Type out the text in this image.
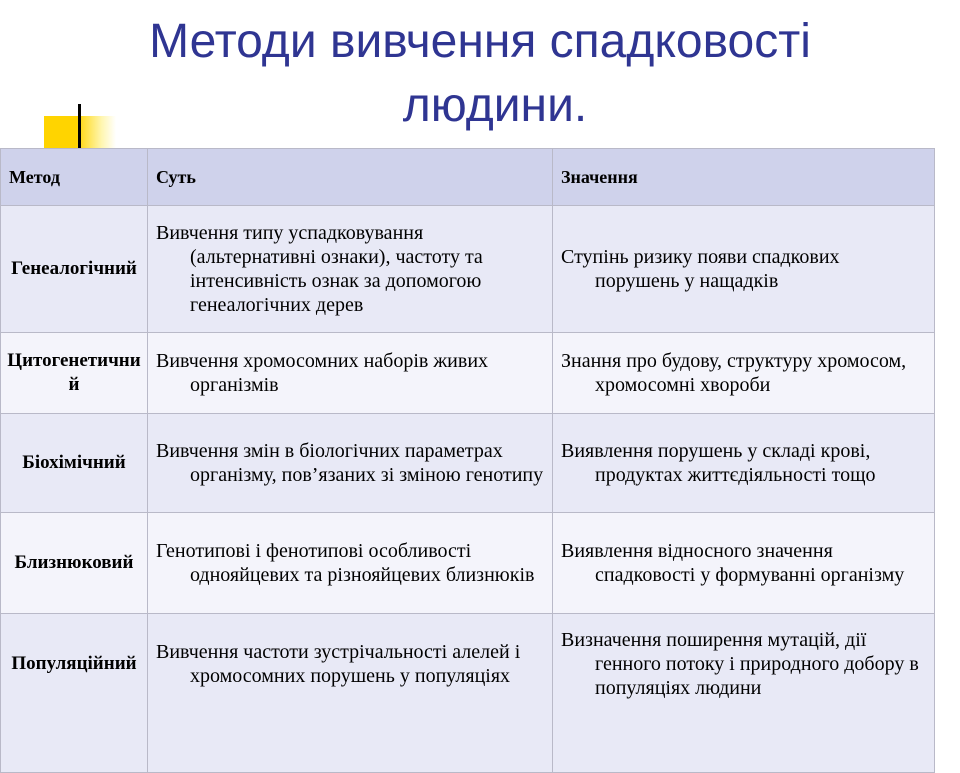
Методи вивчення спадковості
людини.
Метод	Суть	Значення
Генеалогічний	Вивчення типу успадковування (альтернативні ознаки), частоту та інтенсивність ознак за допомогою генеалогічних дерев	Ступінь ризику появи спадкових порушень у нащадків

Цитогенетичний	Вивчення хромосомних наборів живих організмів	Знання про будову, структуру хромосом, хромосомні хвороби

Біохімічний	Вивчення змін в біологічних параметрах організму, пов’язаних зі зміною генотипу	Виявлення порушень у складі крові, продуктах життєдіяльності тощо

Близнюковий	Генотипові і фенотипові особливості однояйцевих та різнояйцевих близнюків	Виявлення відносного значення спадковості у формуванні організму

Популяційний	Вивчення частоти зустрічальності алелей і хромосомних порушень у популяціях	Визначення поширення мутацій, дії генного потоку і природного добору в популяціях людини
